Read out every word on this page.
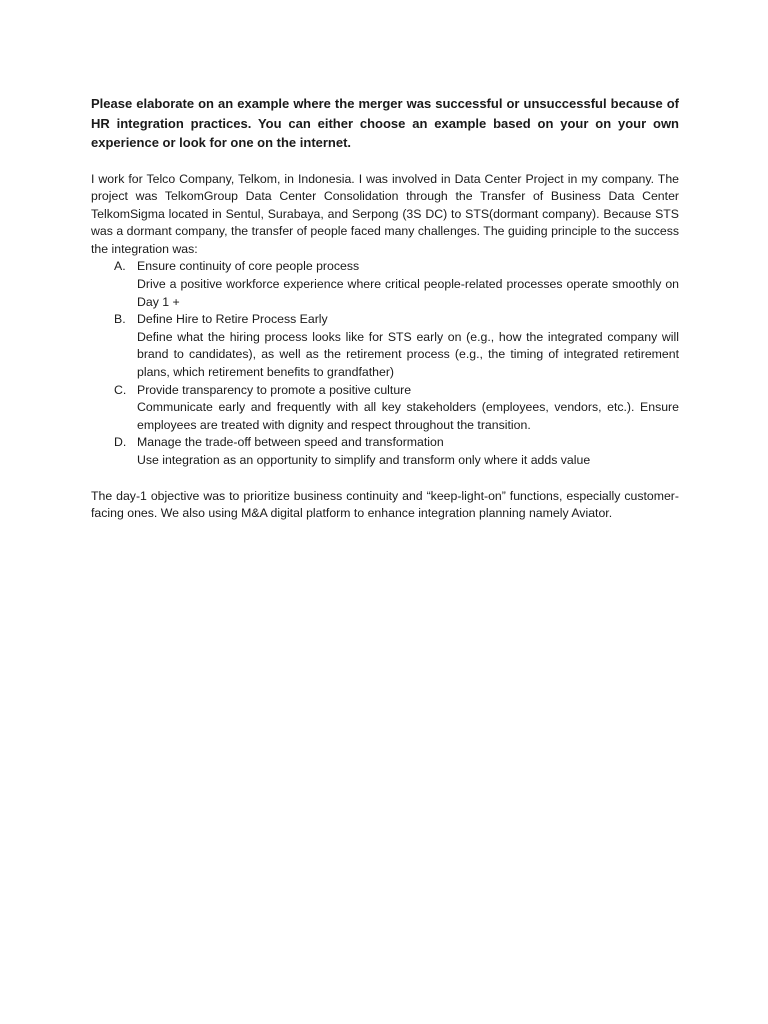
Please elaborate on an example where the merger was successful or unsuccessful because of HR integration practices. You can either choose an example based on your on your own experience or look for one on the internet.

I work for Telco Company, Telkom, in Indonesia. I was involved in Data Center Project in my company. The project was TelkomGroup Data Center Consolidation through the Transfer of Business Data Center TelkomSigma located in Sentul, Surabaya, and Serpong (3S DC) to STS(dormant company). Because STS was a dormant company, the transfer of people faced many challenges. The guiding principle to the success the integration was:

A. Ensure continuity of core people process
Drive a positive workforce experience where critical people-related processes operate smoothly on Day 1 +
B. Define Hire to Retire Process Early
Define what the hiring process looks like for STS early on (e.g., how the integrated company will brand to candidates), as well as the retirement process (e.g., the timing of integrated retirement plans, which retirement benefits to grandfather)
C. Provide transparency to promote a positive culture
Communicate early and frequently with all key stakeholders (employees, vendors, etc.). Ensure employees are treated with dignity and respect throughout the transition.
D. Manage the trade-off between speed and transformation
Use integration as an opportunity to simplify and transform only where it adds value

The day-1 objective was to prioritize business continuity and “keep-light-on” functions, especially customer-facing ones. We also using M&A digital platform to enhance integration planning namely Aviator.
